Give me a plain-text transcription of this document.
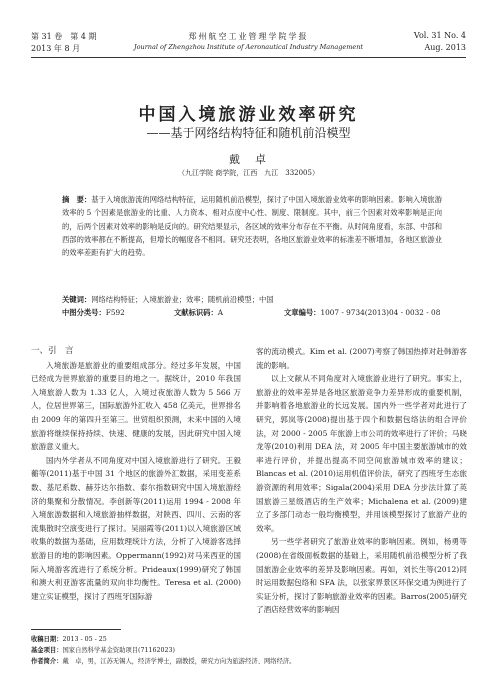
第 31 卷　第 4 期
2013 年 8 月
郑州航空工业管理学院学报
Journal of Zhengzhou Institute of Aeronautical Industry Management
Vol. 31 No. 4
Aug. 2013
中国入境旅游业效率研究
——基于网络结构特征和随机前沿模型
戴　卓
（九江学院 商学院，江西　九江　332005）
摘　要：基于入境旅游流的网络结构特征，运用随机前沿模型，探讨了中国入境旅游业效率的影响因素。影响入境旅游效率的 5 个因素是旅游业的比重、人力资本、相对点度中心性、制度、限制度。其中，前三个因素对效率影响是正向的，后两个因素对效率的影响是反向的。研究结果显示，各区域的效率分布存在不平衡。从时间角度看，东部、中部和西部的效率都在不断提高，但增长的幅度各不相同。研究还表明，各地区旅游业效率的标准差不断增加，各地区旅游业的效率差距有扩大的趋势。
关键词：网络结构特征；入境旅游业；效率；随机前沿模型；中国
中图分类号：F592	文献标识码：A	文章编号：1007 - 9734(2013)04 - 0032 - 08

一、引　言

入境旅游是旅游业的重要组成部分。经过多年发展，中国已经成为世界旅游的重要目的地之一。据统计，2010 年我国入境旅游人数为 1.33 亿人，入境过夜旅游人数为 5 566 万人，位居世界第三，国际旅游外汇收入 458 亿美元，世界排名由 2009 年的第四升至第三。世贸组织预测，未来中国的入境旅游将继续保持持续、快速、健康的发展，因此研究中国入境旅游意义重大。

国内外学者从不同角度对中国入境旅游进行了研究。王毅蘅等(2011)基于中国 31 个地区的旅游外汇数据，采用变差系数、基尼系数、赫芬达尔指数、泰尔指数研究中国入境旅游经济的集聚和分散情况。李创新等(2011)运用 1994 - 2008 年入境旅游数据和入境旅游抽样数据，对陕西、四川、云南的客流集散时空演变进行了探讨。吴丽霞等(2011)以入境旅游区域收集的数据为基础，应用数理统计方法，分析了入境游客选择旅游目的地的影响因素。Oppermann(1992)对马来西亚的国际入境游客流进行了系统分析。Prideaux(1999)研究了韩国和澳大利亚游客流量的双向非均衡性。Teresa et al. (2000)建立实证模型，探讨了西班牙国际游

客的流动模式。Kim et al. (2007)考察了韩国热捧对赴韩游客流的影响。

以上文献从不同角度对入境旅游业进行了研究。事实上，旅游业的效率差异是各地区旅游竞争力差异形成的重要机制，并影响着各地旅游业的长远发展。国内外一些学者对此进行了研究，郭岚等(2008)提出基于四个和数据包络法的组合评价法，对 2000 - 2005 年旅游上市公司的效率进行了评价；马晓龙等(2010)利用 DEA 法，对 2005 年中国主要旅游城市的效率进行评价，并提出提高不同空间旅游城市效率的建议；Blancas et al. (2010)运用机值评价法，研究了西班牙生态旅游资源的利用效率；Sigala(2004)采用 DEA 分步法计算了英国旅游三星级酒店的生产效率；Michalena et al. (2009)建立了多部门动态一般均衡模型，并用该模型探讨了旅游产业的效率。

另一些学者研究了旅游业效率的影响因素。例如，杨勇等(2008)在省级面板数据的基础上，采用随机前沿模型分析了我国旅游企业效率的差异及影响因素。再如，刘长生等(2012)同时运用数据包络和 SFA 法，以张家界景区环保交通为例进行了实证分析，探讨了影响旅游业效率的因素。Barros(2005)研究了酒店经营效率的影响因

收稿日期：2013 - 05 - 25
基金项目：国家自然科学基金资助项目(71162023)
作者简介：戴　卓，男，江苏无锡人，经济学博士，副教授，研究方向为旅游经济、网络经济。
